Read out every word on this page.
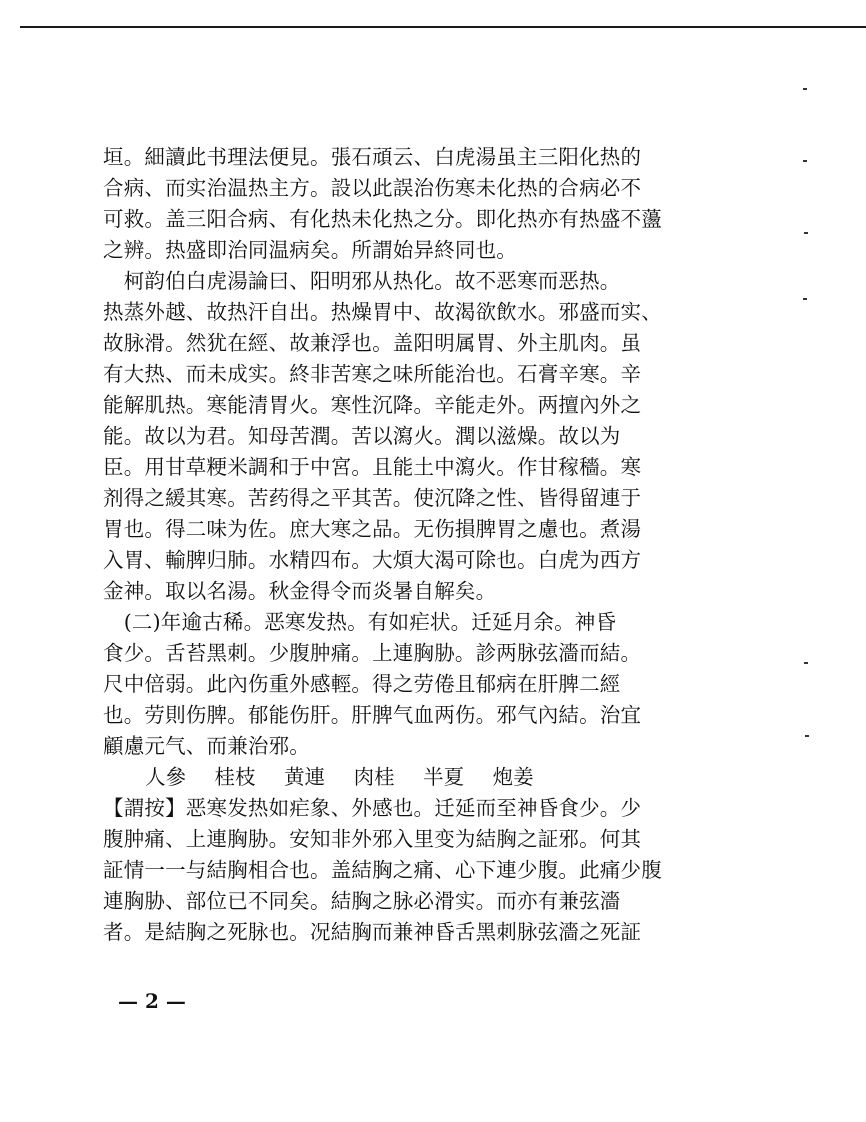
垣。細讀此书理法便見。張石頑云、白虎湯虽主三阳化热的
合病、而实治温热主方。設以此誤治伤寒未化热的合病必不
可救。盖三阳合病、有化热未化热之分。即化热亦有热盛不蘯
之辨。热盛即治同温病矣。所謂始异終同也。
　柯韵伯白虎湯論曰、阳明邪从热化。故不恶寒而恶热。
热蒸外越、故热汗自出。热燥胃中、故渴欲飲水。邪盛而实、
故脉滑。然犹在經、故兼浮也。盖阳明属胃、外主肌肉。虽
有大热、而未成实。終非苦寒之味所能治也。石膏辛寒。辛
能解肌热。寒能清胃火。寒性沉降。辛能走外。两擅內外之
能。故以为君。知母苦潤。苦以瀉火。潤以滋燥。故以为
臣。用甘草粳米調和于中宮。且能土中瀉火。作甘稼穡。寒
剂得之緩其寒。苦药得之平其苦。使沉降之性、皆得留連于
胃也。得二味为佐。庶大寒之品。无伤損脾胃之慮也。煮湯
入胃、輸脾归肺。水精四布。大煩大渴可除也。白虎为西方
金神。取以名湯。秋金得令而炎暑自解矣。
　(二)年逾古稀。恶寒发热。有如疟状。迁延月余。神昏
食少。舌苔黑刺。少腹肿痛。上連胸胁。診两脉弦濇而結。
尺中倍弱。此內伤重外感輕。得之劳倦且郁病在肝脾二經
也。劳則伤脾。郁能伤肝。肝脾气血两伤。邪气內結。治宜
顧慮元气、而兼治邪。
人參 桂枝 黄連 肉桂 半夏 炮姜
【謂按】恶寒发热如疟象、外感也。迁延而至神昏食少。少
腹肿痛、上連胸胁。安知非外邪入里变为結胸之証邪。何其
証情一一与結胸相合也。盖結胸之痛、心下連少腹。此痛少腹
連胸胁、部位已不同矣。結胸之脉必滑实。而亦有兼弦濇
者。是結胸之死脉也。况結胸而兼神昏舌黑刺脉弦濇之死証
— 2 —
